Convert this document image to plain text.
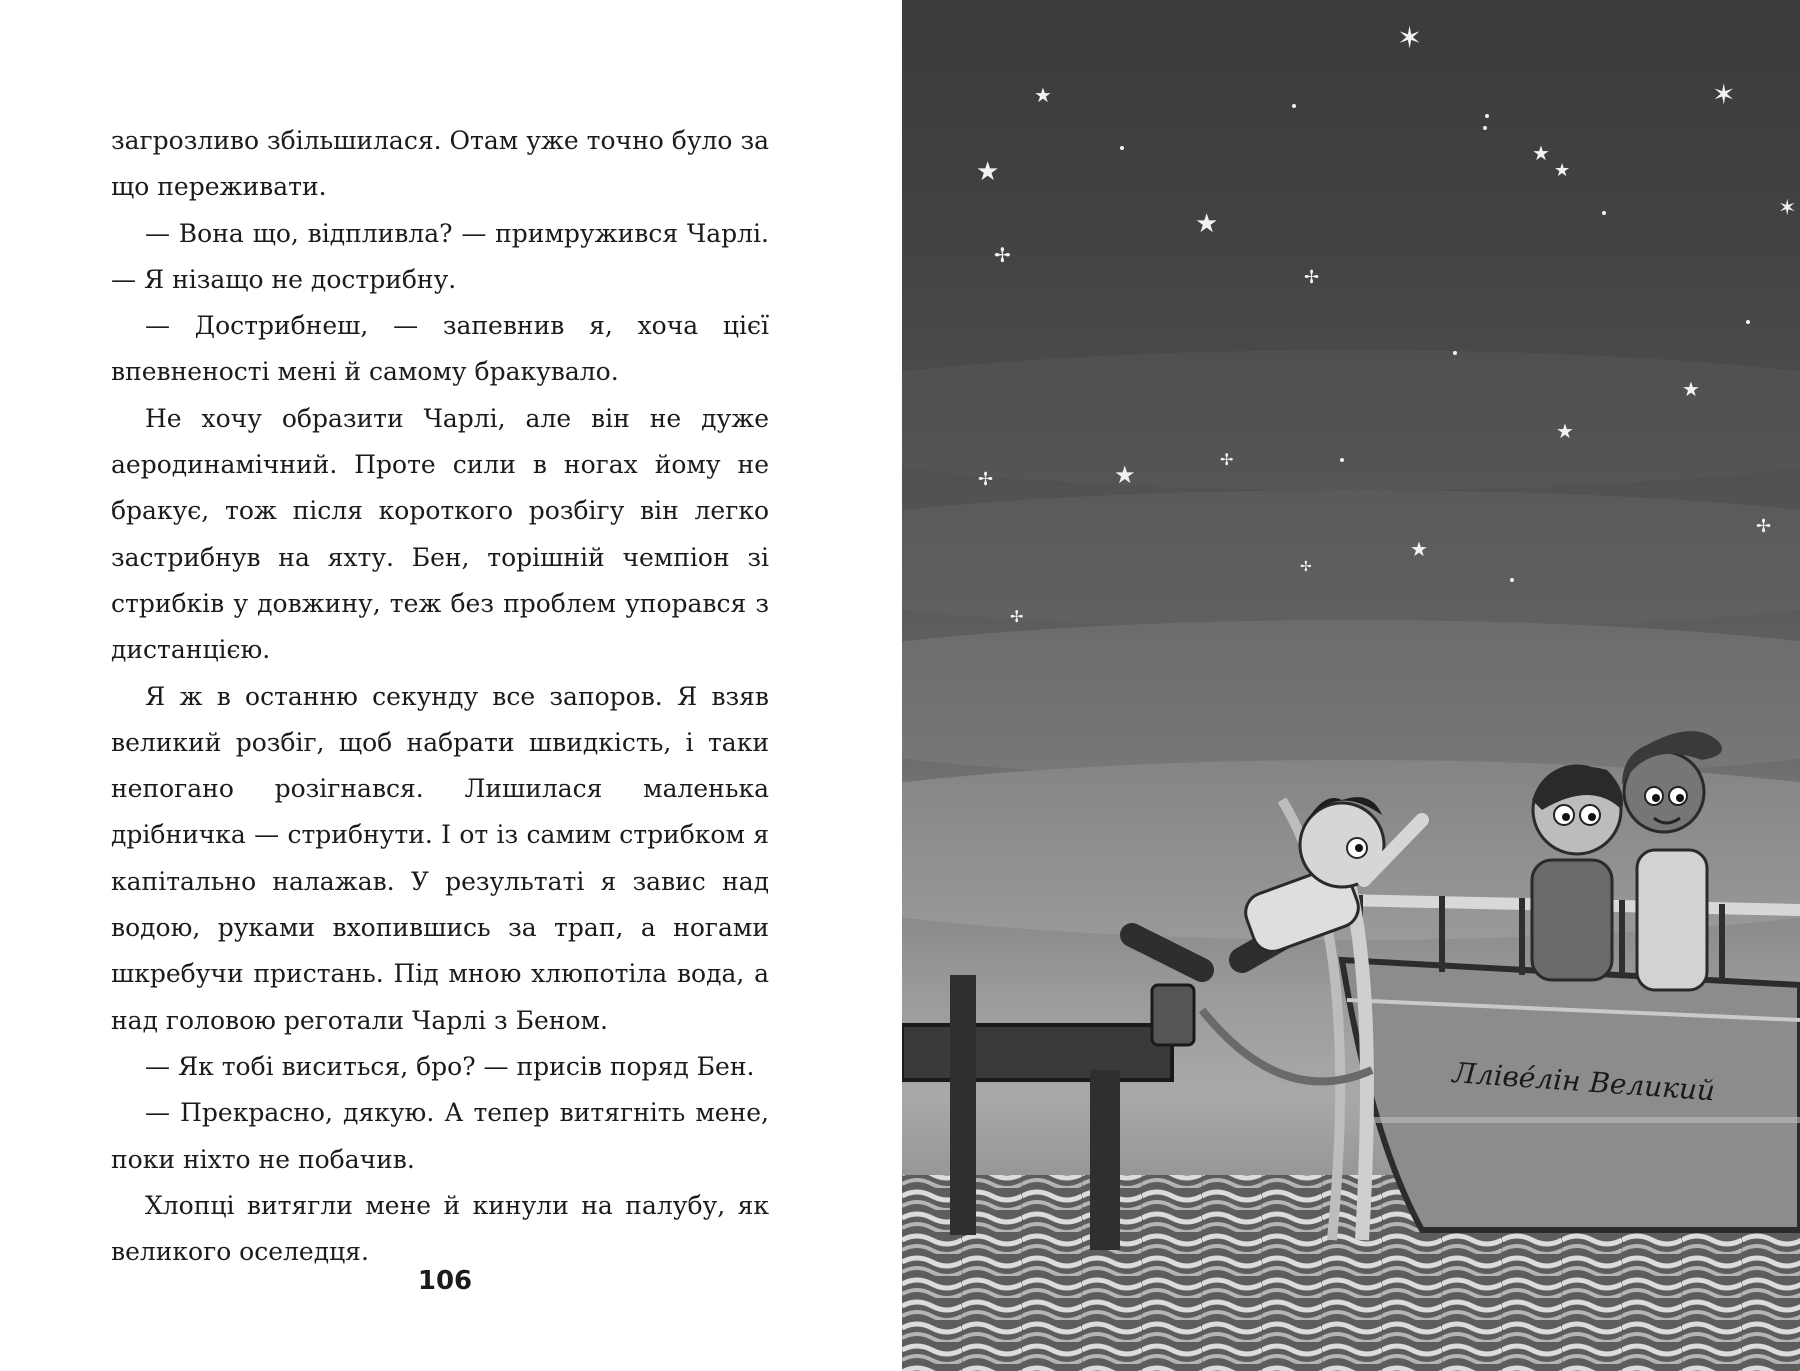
загрозливо збільшилася. Отам уже точно було за що переживати.

— Вона що, відпливла? — примружився Чарлі. — Я нізащо не дострибну.

— Дострибнеш, — запевнив я, хоча цієї впевненості мені й самому бракувало.

Не хочу образити Чарлі, але він не дуже аеродинамічний. Проте сили в ногах йому не бракує, тож після короткого розбігу він легко застрибнув на яхту. Бен, торішній чемпіон зі стрибків у довжину, теж без проблем упорався з дистанцією.

Я ж в останню секунду все запоров. Я взяв великий розбіг, щоб набрати швидкість, і таки непогано розігнався. Лишилася маленька дрібничка — стрибнути. І от із самим стрибком я капітально налажав. У результаті я завис над водою, руками вхопившись за трап, а ногами шкребучи пристань. Під мною хлюпотіла вода, а над головою реготали Чарлі з Беном.

— Як тобі виситься, бро? — присів поряд Бен.

— Прекрасно, дякую. А тепер витягніть мене, поки ніхто не побачив.

Хлопці витягли мене й кинули на палубу, як великого оселедця.

106
✶
★
★
✶
★
★
★
✶
✢
✢
★
★
★
✢
✢
★
✢
✢
✢
Лліве́лін Великий
